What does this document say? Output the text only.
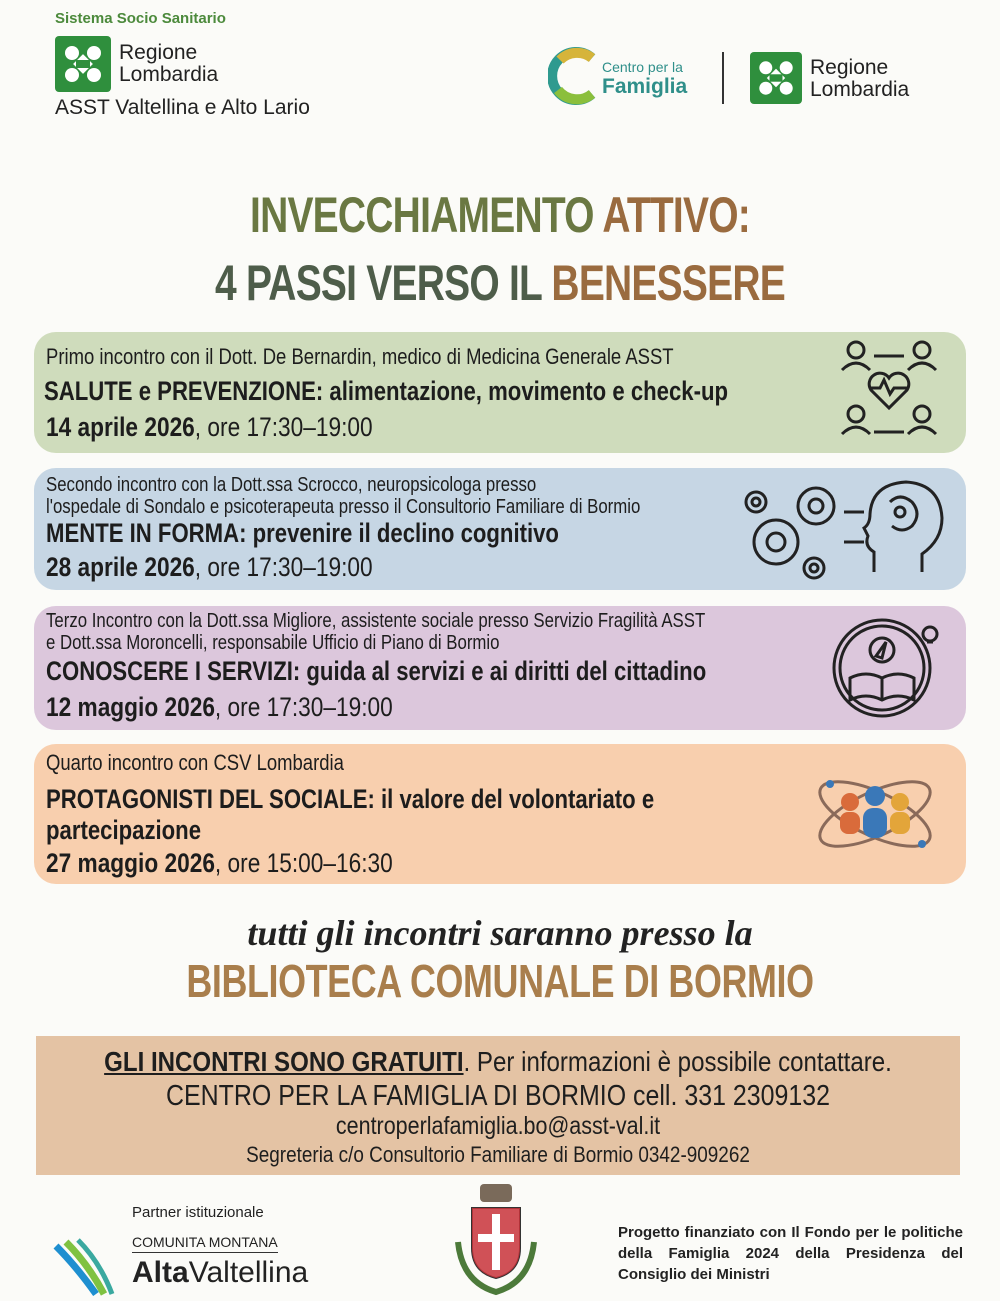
Sistema Socio Sanitario
Regione
Lombardia
ASST Valtellina e Alto Lario
Centro per la
Famiglia
Regione
Lombardia
INVECCHIAMENTO ATTIVO:
4 PASSI VERSO IL BENESSERE
Primo incontro con il Dott. De Bernardin, medico di Medicina Generale ASST
SALUTE e PREVENZIONE: alimentazione, movimento e check-up
14 aprile 2026, ore 17:30–19:00
Secondo incontro con la Dott.ssa Scrocco, neuropsicologa presso
l'ospedale di Sondalo e psicoterapeuta presso il Consultorio Familiare di Bormio
MENTE IN FORMA: prevenire il declino cognitivo
28 aprile 2026, ore 17:30–19:00
Terzo Incontro con la Dott.ssa Migliore, assistente sociale presso Servizio Fragilità ASST
e Dott.ssa Moroncelli, responsabile Ufficio di Piano di Bormio
CONOSCERE I SERVIZI: guida al servizi e ai diritti del cittadino
12 maggio 2026, ore 17:30–19:00
Quarto incontro con CSV Lombardia
PROTAGONISTI DEL SOCIALE: il valore del volontariato e
partecipazione
27 maggio 2026, ore 15:00–16:30
tutti gli incontri saranno presso la
BIBLIOTECA COMUNALE DI BORMIO
GLI INCONTRI SONO GRATUITI. Per informazioni è possibile contattare.
CENTRO PER LA FAMIGLIA DI BORMIO cell. 331 2309132
centroperlafamiglia.bo@asst-val.it
Segreteria c/o Consultorio Familiare di Bormio 0342-909262
Partner istituzionale
COMUNITA MONTANA
AltaValtellina
Progetto finanziato con Il Fondo per le politiche della Famiglia 2024 della Presidenza del Consiglio dei Ministri
